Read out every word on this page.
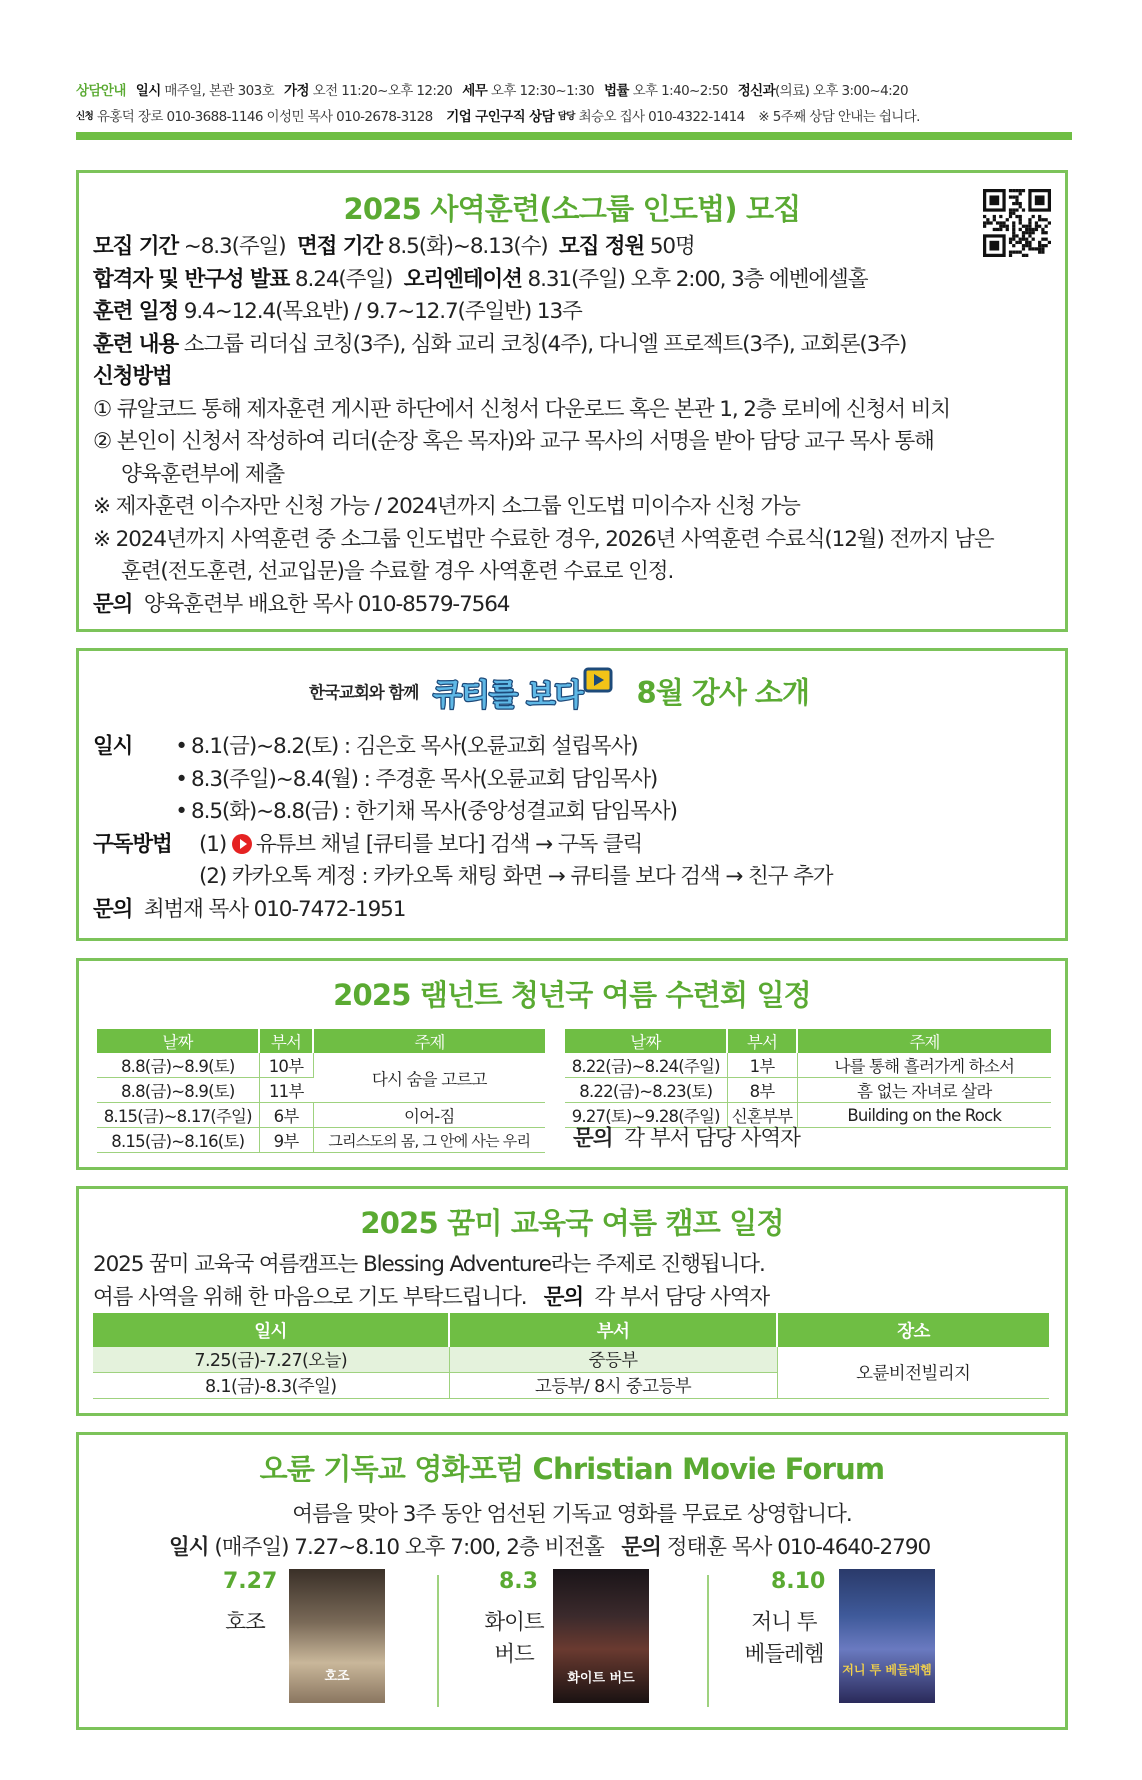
상담안내 일시 매주일, 본관 303호 가정 오전 11:20~오후 12:20 세무 오후 12:30~1:30 법률 오후 1:40~2:50 정신과(의료) 오후 3:00~4:20
$^{신청}$ 유홍덕 장로 010-3688-1146 이성민 목사 010-2678-3128 기업 구인구직 상담 $^{담당}$ 최승오 집사 010-4322-1414 ※ 5주째 상담 안내는 쉽니다.
2025 사역훈련(소그룹 인도법) 모집
모집 기간 ~8.3(주일)  면접 기간 8.5(화)~8.13(수)  모집 정원 50명
합격자 및 반구성 발표 8.24(주일)  오리엔테이션 8.31(주일) 오후 2:00, 3층 에벤에셀홀
훈련 일정 9.4~12.4(목요반) / 9.7~12.7(주일반) 13주
훈련 내용 소그룹 리더십 코칭(3주), 심화 교리 코칭(4주), 다니엘 프로젝트(3주), 교회론(3주)
신청방법
① 큐알코드 통해 제자훈련 게시판 하단에서 신청서 다운로드 혹은 본관 1, 2층 로비에 신청서 비치
② 본인이 신청서 작성하여 리더(순장 혹은 목자)와 교구 목사의 서명을 받아 담당 교구 목사 통해
양육훈련부에 제출
※ 제자훈련 이수자만 신청 가능 / 2024년까지 소그룹 인도법 미이수자 신청 가능
※ 2024년까지 사역훈련 중 소그룹 인도법만 수료한 경우, 2026년 사역훈련 수료식(12월) 전까지 남은
훈련(전도훈련, 선교입문)을 수료할 경우 사역훈련 수료로 인정.
문의  양육훈련부 배요한 목사 010-8579-7564
한국교회와 함께 큐티를 보다 8월 강사 소개
일시 • 8.1(금)~8.2(토) : 김은호 목사(오륜교회 설립목사)
• 8.3(주일)~8.4(월) : 주경훈 목사(오륜교회 담임목사)
• 8.5(화)~8.8(금) : 한기채 목사(중앙성결교회 담임목사)
구독방법 (1) 유튜브 채널 [큐티를 보다] 검색 → 구독 클릭
(2) 카카오톡 계정 : 카카오톡 채팅 화면 → 큐티를 보다 검색 → 친구 추가
문의 최범재 목사 010-7472-1951
2025 램넌트 청년국 여름 수련회 일정
날짜	부서	주제
8.8(금)~8.9(토)	10부	다시 숨을 고르고
8.8(금)~8.9(토)	11부	
8.15(금)~8.17(주일)	6부	이어-짐
8.15(금)~8.16(토)	9부	그리스도의 몸, 그 안에 사는 우리
날짜	부서	주제
8.22(금)~8.24(주일)	1부	나를 통해 흘러가게 하소서
8.22(금)~8.23(토)	8부	흠 없는 자녀로 살라
9.27(토)~9.28(주일)	신혼부부	Building on the Rock
문의 각 부서 담당 사역자
2025 꿈미 교육국 여름 캠프 일정
2025 꿈미 교육국 여름캠프는 Blessing Adventure라는 주제로 진행됩니다.
여름 사역을 위해 한 마음으로 기도 부탁드립니다. 문의 각 부서 담당 사역자
일시	부서	장소
7.25(금)-7.27(오늘)	중등부	오륜비전빌리지
8.1(금)-8.3(주일)	고등부/ 8시 중고등부	
오륜 기독교 영화포럼 Christian Movie Forum
여름을 맞아 3주 동안 엄선된 기독교 영화를 무료로 상영합니다.
일시 (매주일) 7.27~8.10 오후 7:00, 2층 비전홀 문의 정태훈 목사 010-4640-2790
7.27
호조
호조
8.3
화이트
버드
화이트 버드
8.10
저니 투
베들레헴
저니 투 베들레헴
